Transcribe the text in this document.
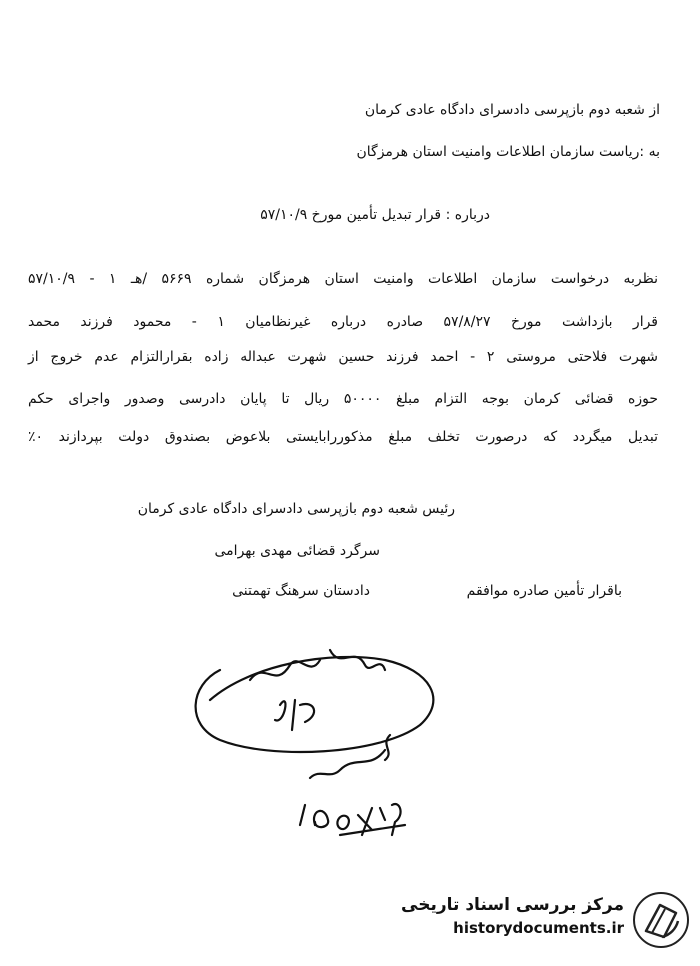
از شعبه دوم بازپرسی دادسرای دادگاه عادی کرمان
به :ریاست سازمان اطلاعات وامنیت استان هرمزگان
درباره : قرار تبدیل تأمین مورخ ۵۷/۱۰/۹
نظربه درخواست سازمان اطلاعات وامنیت استان هرمزگان شماره ۵۶۶۹ /هـ ۱ - ۵۷/۱۰/۹
قرار بازداشت مورخ ۵۷/۸/۲۷ صادره درباره غیرنظامیان ۱ - محمود فرزند محمد
شهرت فلاحتی مروستی ۲ - احمد فرزند حسین شهرت عبداله زاده بقرارالتزام عدم خروج از
حوزه قضائی کرمان بوجه التزام مبلغ ۵۰۰۰۰ ریال تا پایان دادرسی وصدور واجرای حکم
تبدیل میگردد که درصورت تخلف مبلغ مذکوررابایستی بلاعوض بصندوق دولت بپردازند ۰٪
رئیس شعبه دوم بازپرسی دادسرای دادگاه عادی کرمان
سرگرد قضائی مهدی بهرامی
باقرار تأمین صادره موافقم
دادستان سرهنگ تهمتنی
مرکز بررسی اسناد تاریخی
historydocuments.ir
